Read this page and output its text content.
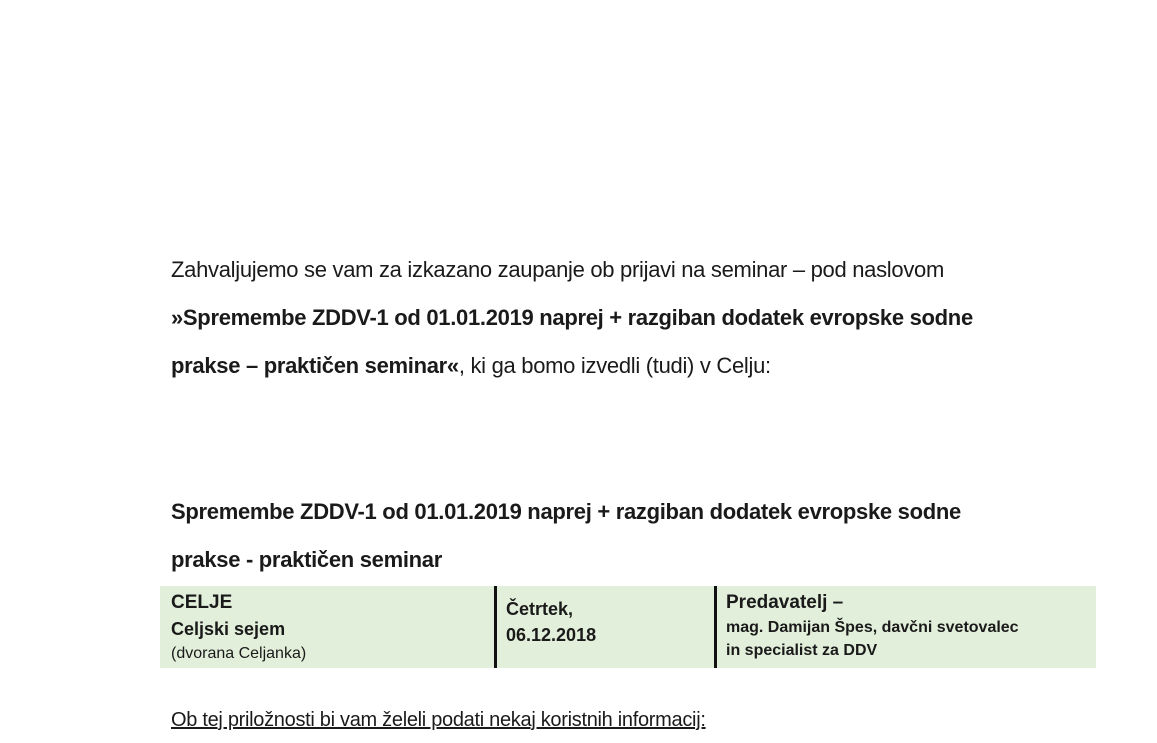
Zahvaljujemo se vam za izkazano zaupanje ob prijavi na seminar – pod naslovom »Spremembe ZDDV-1 od 01.01.2019 naprej + razgiban dodatek evropske sodne prakse – praktičen seminar«, ki ga bomo izvedli (tudi) v Celju:

Spremembe ZDDV-1 od 01.01.2019 naprej + razgiban dodatek evropske sodne prakse - praktičen seminar

CELJE
Celjski sejem
(dvorana Celjanka)
Četrtek,
06.12.2018
Predavatelj –
mag. Damijan Špes, davčni svetovalec
in specialist za DDV
Ob tej priložnosti bi vam želeli podati nekaj koristnih informacij:
